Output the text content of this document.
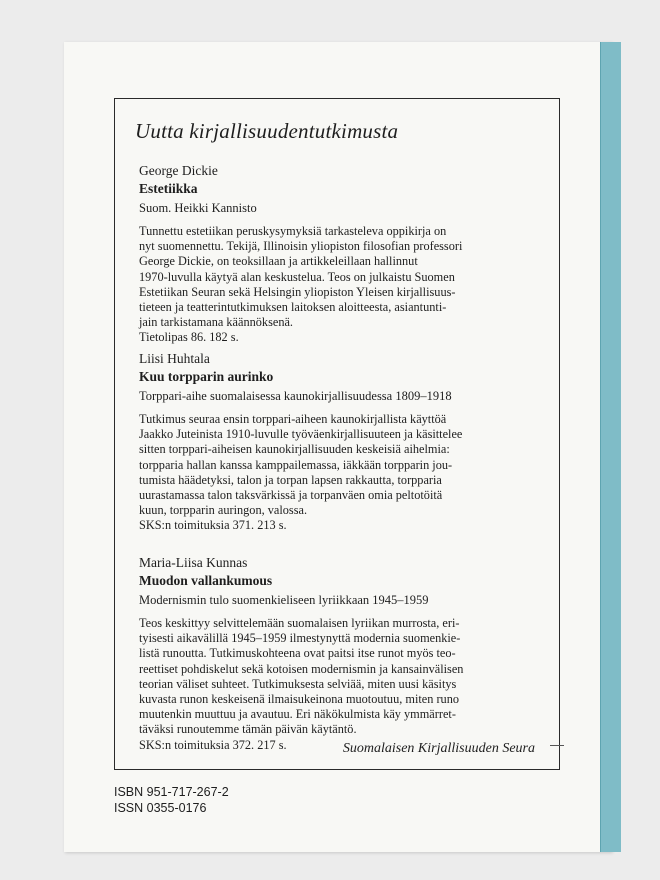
Uutta kirjallisuudentutkimusta

George Dickie

Estetiikka

Suom. Heikki Kannisto

Tunnettu estetiikan peruskysymyksiä tarkasteleva oppikirja on
nyt suomennettu. Tekijä, Illinoisin yliopiston filosofian professori
George Dickie, on teoksillaan ja artikkeleillaan hallinnut
1970-luvulla käytyä alan keskustelua. Teos on julkaistu Suomen
Estetiikan Seuran sekä Helsingin yliopiston Yleisen kirjallisuus-
tieteen ja teatterintutkimuksen laitoksen aloitteesta, asiantunti-
jain tarkistamana käännöksenä.
Tietolipas 86. 182 s.

Liisi Huhtala

Kuu torpparin aurinko

Torppari-aihe suomalaisessa kaunokirjallisuudessa 1809–1918

Tutkimus seuraa ensin torppari-aiheen kaunokirjallista käyttöä
Jaakko Juteinista 1910-luvulle työväenkirjallisuuteen ja käsittelee
sitten torppari-aiheisen kaunokirjallisuuden keskeisiä aihelmia:
torpparia hallan kanssa kamppailemassa, iäkkään torpparin jou-
tumista häädetyksi, talon ja torpan lapsen rakkautta, torpparia
uurastamassa talon taksvärkissä ja torpanväen omia peltotöitä
kuun, torpparin auringon, valossa.
SKS:n toimituksia 371. 213 s.

Maria-Liisa Kunnas

Muodon vallankumous

Modernismin tulo suomenkieliseen lyriikkaan 1945–1959

Teos keskittyy selvittelemään suomalaisen lyriikan murrosta, eri-
tyisesti aikavälillä 1945–1959 ilmestynyttä modernia suomenkie-
listä runoutta. Tutkimuskohteena ovat paitsi itse runot myös teo-
reettiset pohdiskelut sekä kotoisen modernismin ja kansainvälisen
teorian väliset suhteet. Tutkimuksesta selviää, miten uusi käsitys
kuvasta runon keskeisenä ilmaisukeinona muotoutuu, miten runo
muutenkin muuttuu ja avautuu. Eri näkökulmista käy ymmärret-
täväksi runoutemme tämän päivän käytäntö.
SKS:n toimituksia 372. 217 s.	Suomalaisen Kirjallisuuden Seura
ISBN 951-717-267-2
ISSN 0355-0176
